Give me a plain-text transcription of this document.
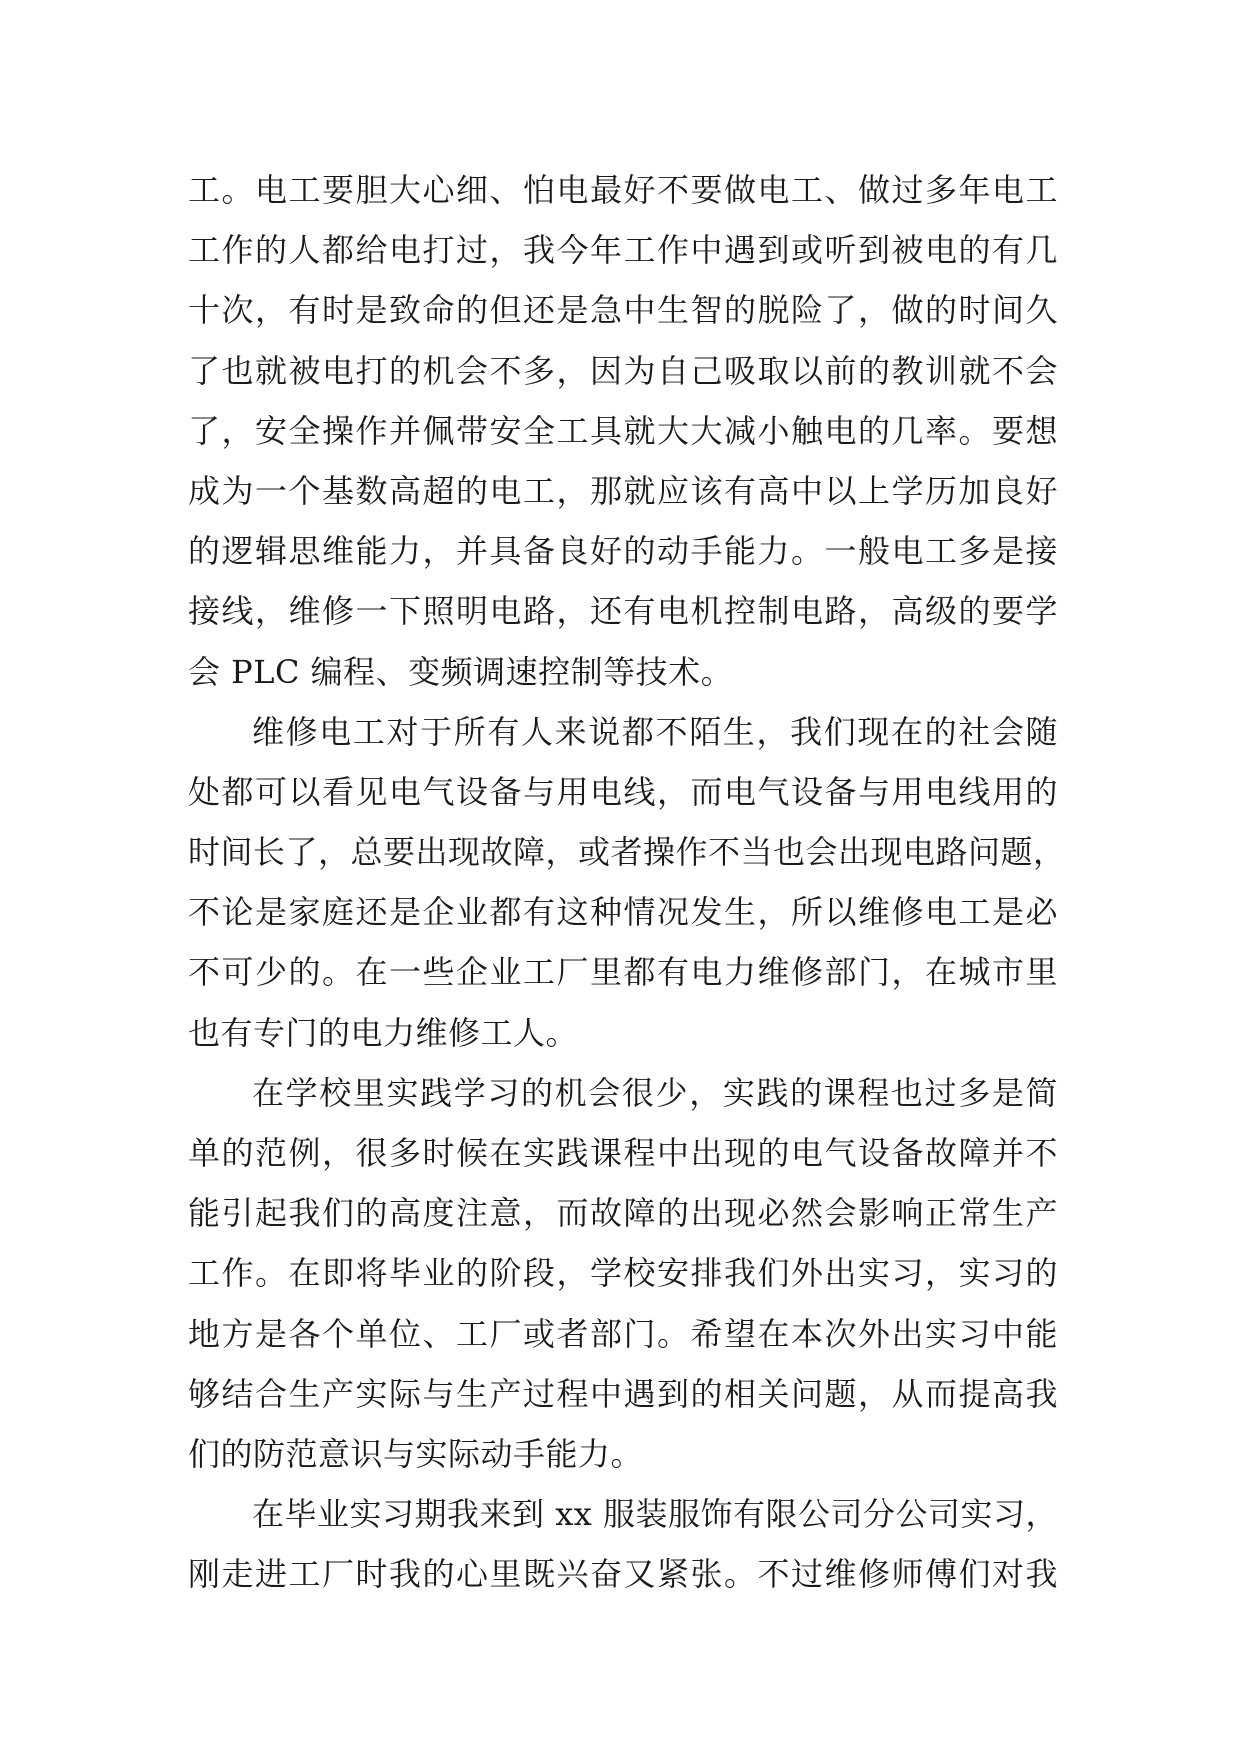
工。电工要胆大心细、怕电最好不要做电工、做过多年电工
工作的人都给电打过，我今年工作中遇到或听到被电的有几
十次，有时是致命的但还是急中生智的脱险了，做的时间久
了也就被电打的机会不多，因为自己吸取以前的教训就不会
了，安全操作并佩带安全工具就大大减小触电的几率。要想
成为一个基数高超的电工，那就应该有高中以上学历加良好
的逻辑思维能力，并具备良好的动手能力。一般电工多是接
接线，维修一下照明电路，还有电机控制电路，高级的要学
会 PLC 编程、变频调速控制等技术。
维修电工对于所有人来说都不陌生，我们现在的社会随
处都可以看见电气设备与用电线，而电气设备与用电线用的
时间长了，总要出现故障，或者操作不当也会出现电路问题，
不论是家庭还是企业都有这种情况发生，所以维修电工是必
不可少的。在一些企业工厂里都有电力维修部门，在城市里
也有专门的电力维修工人。
在学校里实践学习的机会很少，实践的课程也过多是简
单的范例，很多时候在实践课程中出现的电气设备故障并不
能引起我们的高度注意，而故障的出现必然会影响正常生产
工作。在即将毕业的阶段，学校安排我们外出实习，实习的
地方是各个单位、工厂或者部门。希望在本次外出实习中能
够结合生产实际与生产过程中遇到的相关问题，从而提高我
们的防范意识与实际动手能力。
在毕业实习期我来到 xx 服装服饰有限公司分公司实习，
刚走进工厂时我的心里既兴奋又紧张。不过维修师傅们对我
